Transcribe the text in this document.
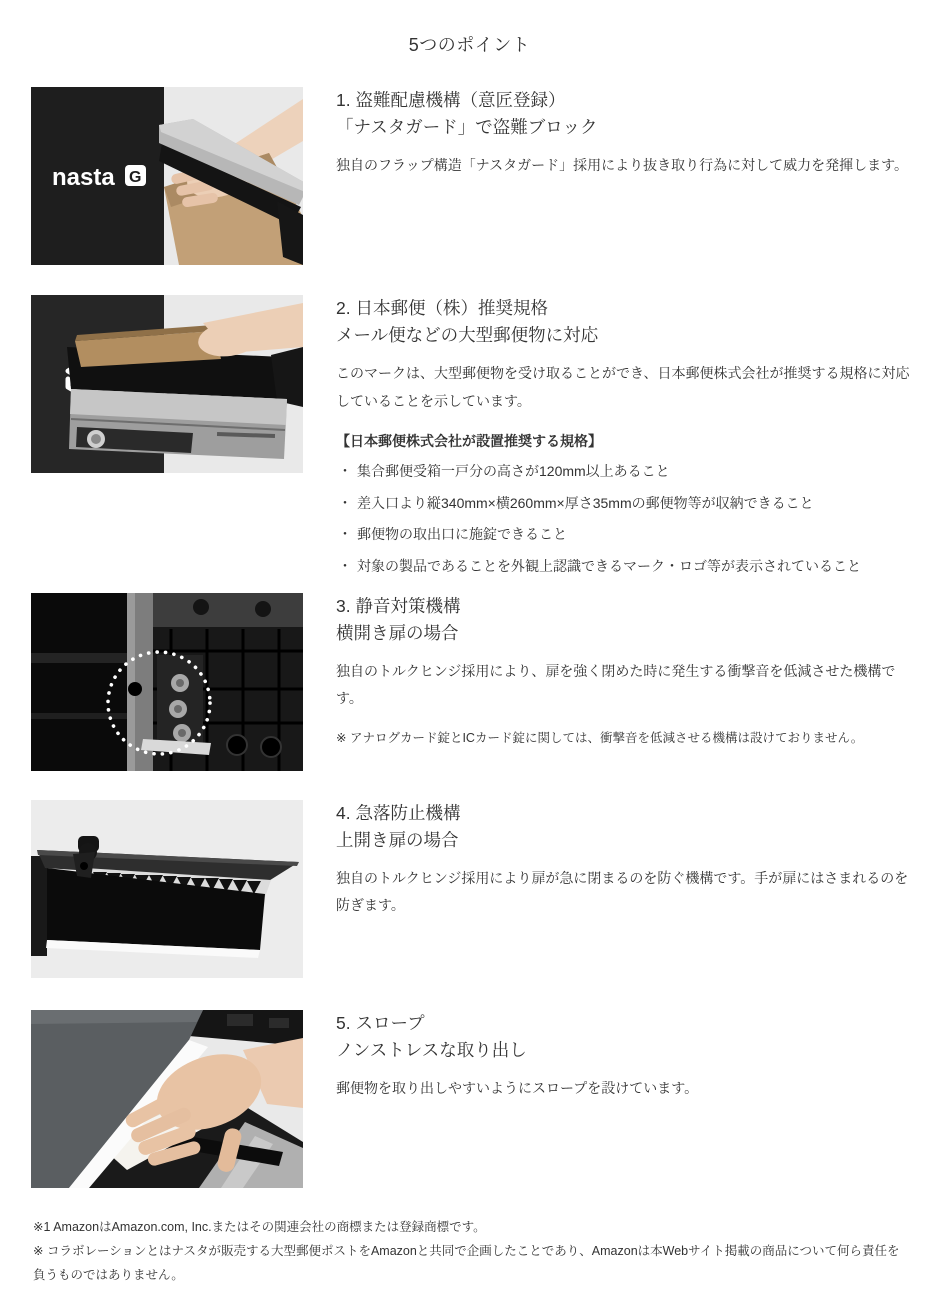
5つのポイント
nasta G
1. 盗難配慮機構（意匠登録）
「ナスタガード」で盗難ブロック

独自のフラップ構造「ナスタガード」採用により抜き取り行為に対して威力を発揮します。

2. 日本郵便（株）推奨規格
メール便などの大型郵便物に対応

このマークは、大型郵便物を受け取ることができ、日本郵便株式会社が推奨する規格に対応していることを示しています。

【日本郵便株式会社が設置推奨する規格】

・ 集合郵便受箱一戸分の高さが120mm以上あること
・ 差入口より縦340mm×横260mm×厚さ35mmの郵便物等が収納できること
・ 郵便物の取出口に施錠できること
・ 対象の製品であることを外観上認識できるマーク・ロゴ等が表示されていること
3. 静音対策機構
横開き扉の場合

独自のトルクヒンジ採用により、扉を強く閉めた時に発生する衝撃音を低減させた機構です。

※ アナログカード錠とICカード錠に関しては、衝撃音を低減させる機構は設けておりません。

4. 急落防止機構
上開き扉の場合

独自のトルクヒンジ採用により扉が急に閉まるのを防ぐ機構です。手が扉にはさまれるのを防ぎます。

5. スロープ
ノンストレスな取り出し

郵便物を取り出しやすいようにスロープを設けています。

※1 AmazonはAmazon.com, Inc.またはその関連会社の商標または登録商標です。

※ コラボレーションとはナスタが販売する大型郵便ポストをAmazonと共同で企画したことであり、Amazonは本Webサイト掲載の商品について何ら責任を負うものではありません。
